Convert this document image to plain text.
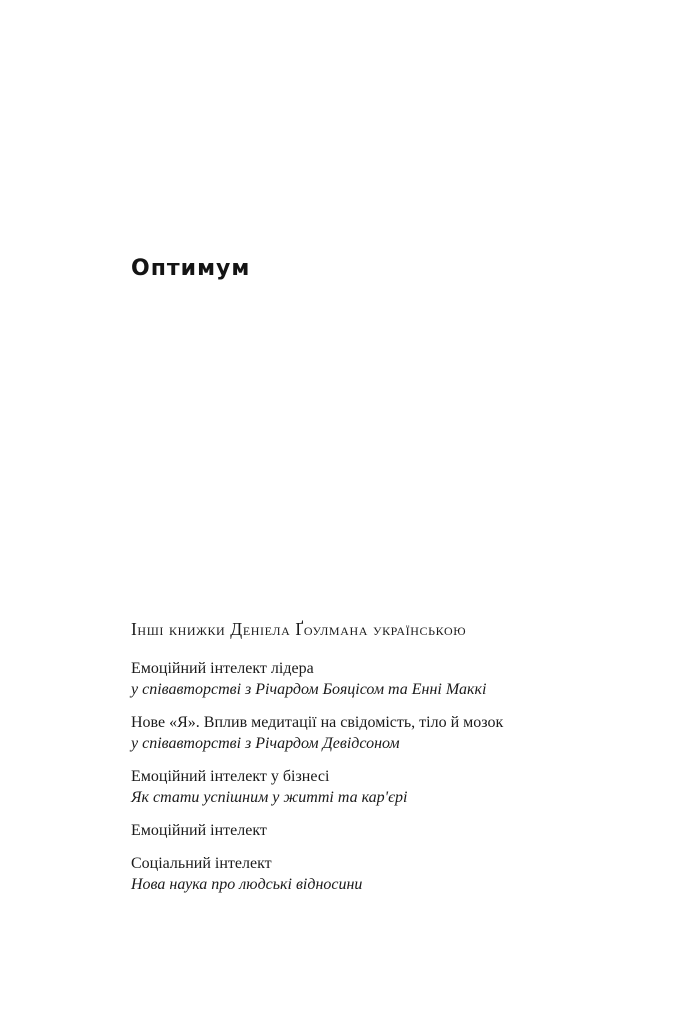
Оптимум
Інші книжки Деніела Ґоулмана українською
Емоційний інтелект лідера
у співавторстві з Річардом Бояцісом та Енні Маккі
Нове «Я». Вплив медитації на свідомість, тіло й мозок
у співавторстві з Річардом Девідсоном
Емоційний інтелект у бізнесі
Як стати успішним у житті та кар'єрі
Емоційний інтелект
Соціальний інтелект
Нова наука про людські відносини
